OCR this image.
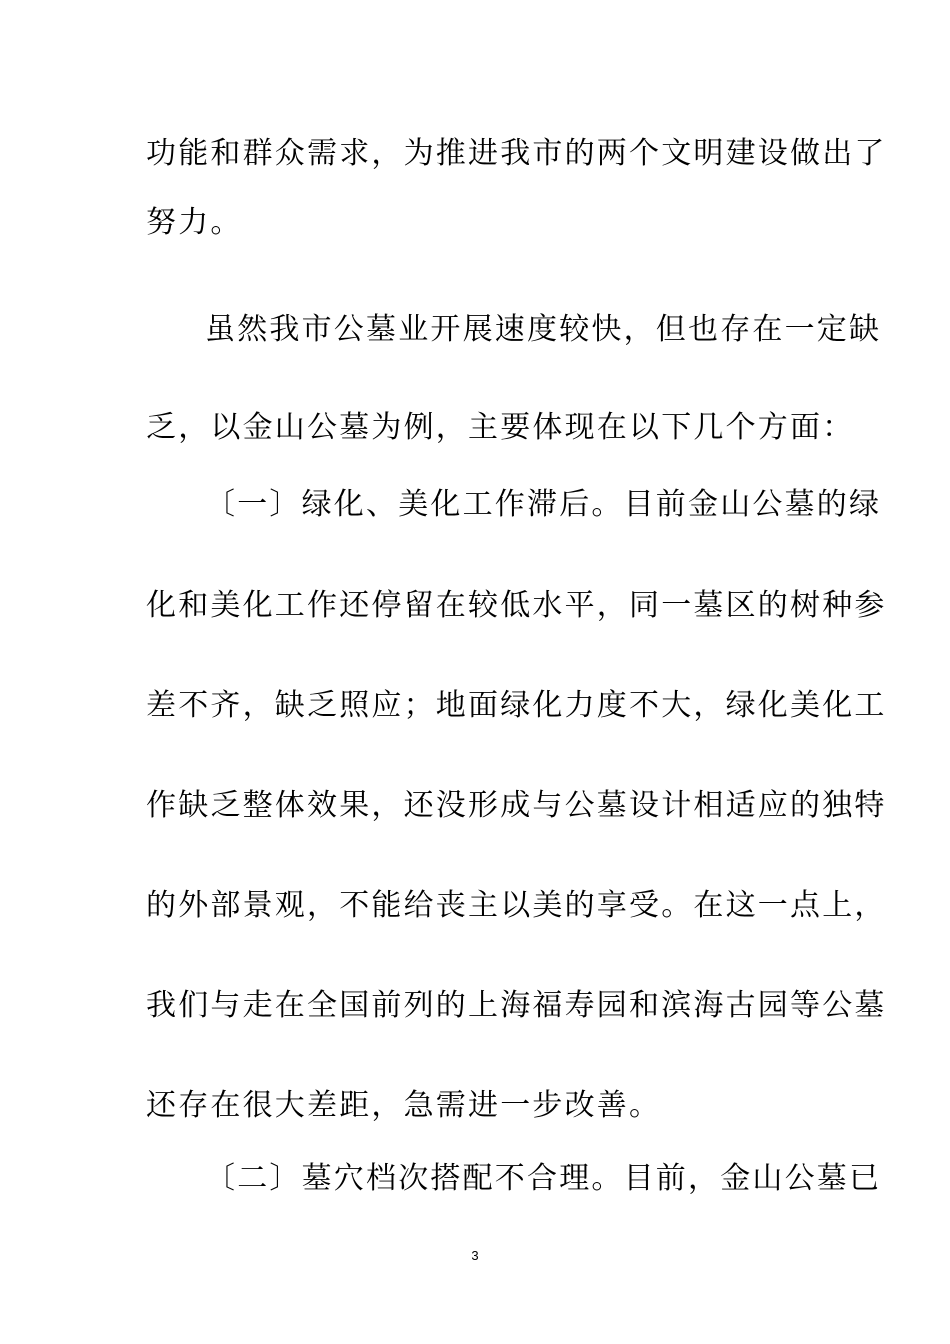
功能和群众需求，为推进我市的两个文明建设做出了
努力。
虽然我市公墓业开展速度较快，但也存在一定缺
乏，以金山公墓为例，主要体现在以下几个方面：
〔一〕绿化、美化工作滞后。目前金山公墓的绿
化和美化工作还停留在较低水平，同一墓区的树种参
差不齐，缺乏照应；地面绿化力度不大，绿化美化工
作缺乏整体效果，还没形成与公墓设计相适应的独特
的外部景观，不能给丧主以美的享受。在这一点上，
我们与走在全国前列的上海福寿园和滨海古园等公墓
还存在很大差距，急需进一步改善。
〔二〕墓穴档次搭配不合理。目前，金山公墓已
3
